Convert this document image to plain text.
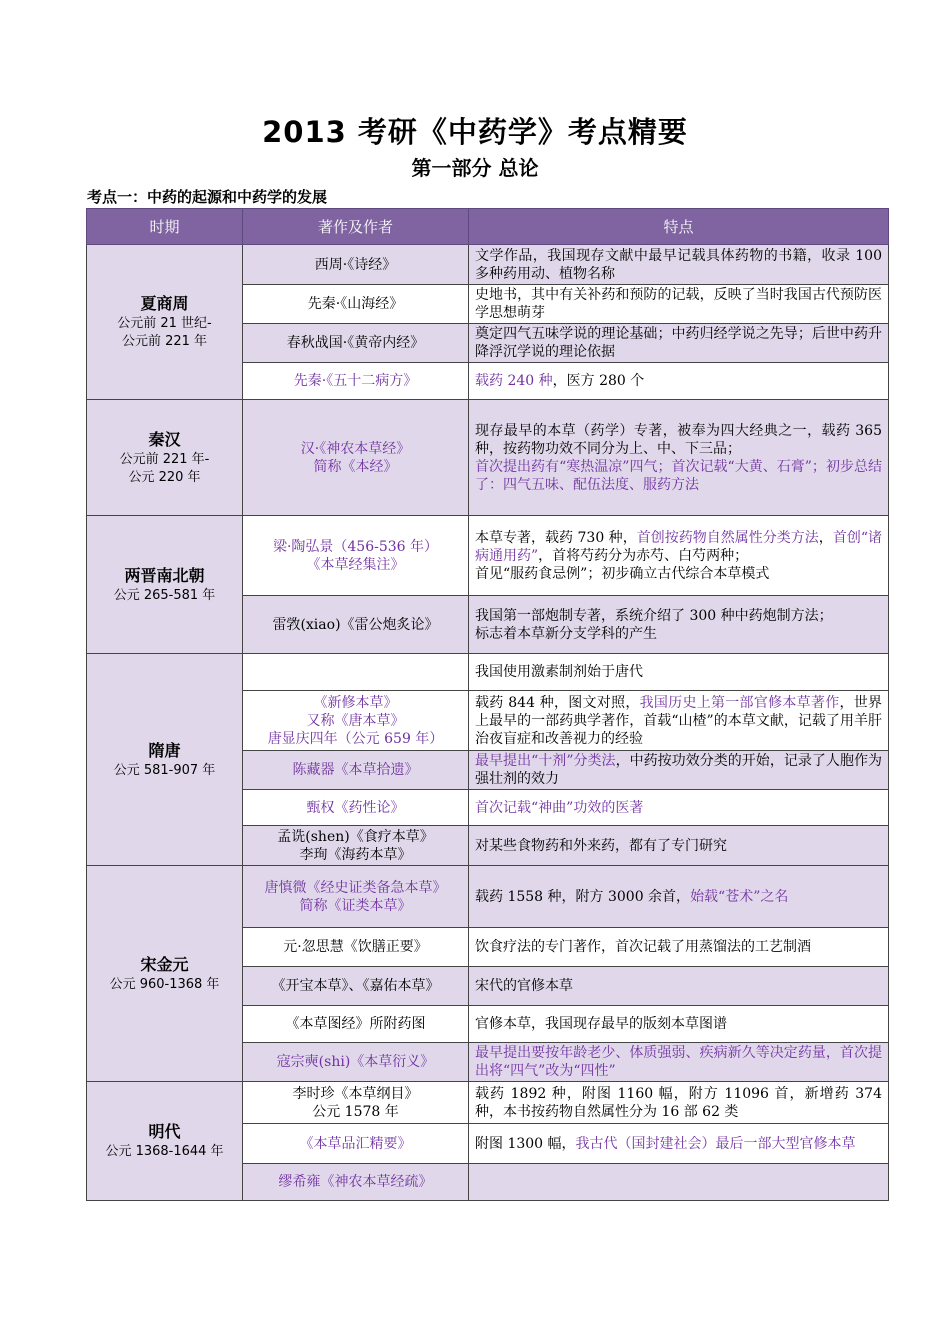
2013 考研《中药学》考点精要
第一部分 总论
考点一：中药的起源和中药学的发展
时期	著作及作者	特点

夏商周
公元前 21 世纪-
公元前 221 年	西周·《诗经》	文学作品，我国现存文献中最早记载具体药物的书籍，收录 100 多种药用动、植物名称
	先秦·《山海经》	史地书，其中有关补药和预防的记载，反映了当时我国古代预防医学思想萌芽
	春秋战国·《黄帝内经》	奠定四气五味学说的理论基础；中药归经学说之先导；后世中药升降浮沉学说的理论依据
	先秦·《五十二病方》	载药 240 种，医方 280 个

秦汉
公元前 221 年-
公元 220 年	汉·《神农本草经》
简称《本经》	现存最早的本草（药学）专著，被奉为四大经典之一，载药 365 种，按药物功效不同分为上、中、下三品；
首次提出药有“寒热温凉”四气；首次记载“大黄、石膏”；初步总结了：四气五味、配伍法度、服药方法

两晋南北朝
公元 265-581 年	梁·陶弘景（456-536 年）
《本草经集注》	本草专著，载药 730 种，首创按药物自然属性分类方法，首创“诸病通用药”，首将芍药分为赤芍、白芍两种；
首见“服药食忌例”；初步确立古代综合本草模式
	雷敩(xiao)《雷公炮炙论》	我国第一部炮制专著，系统介绍了 300 种中药炮制方法；
标志着本草新分支学科的产生

隋唐
公元 581-907 年		我国使用激素制剂始于唐代
	《新修本草》
又称《唐本草》
唐显庆四年（公元 659 年）	载药 844 种，图文对照，我国历史上第一部官修本草著作，世界上最早的一部药典学著作，首载“山楂”的本草文献，记载了用羊肝治夜盲症和改善视力的经验
	陈藏器《本草拾遗》	最早提出“十剂”分类法，中药按功效分类的开始，记录了人胞作为强壮剂的效力
	甄权《药性论》	首次记载“神曲”功效的医著
	孟诜(shen)《食疗本草》
李珣《海药本草》	对某些食物药和外来药，都有了专门研究

宋金元
公元 960-1368 年	唐慎微《经史证类备急本草》
简称《证类本草》	载药 1558 种，附方 3000 余首，始载“苍术”之名
	元·忽思慧《饮膳正要》	饮食疗法的专门著作，首次记载了用蒸馏法的工艺制酒
	《开宝本草》、《嘉佑本草》	宋代的官修本草
	《本草图经》所附药图	官修本草，我国现存最早的版刻本草图谱
	寇宗奭(shi)《本草衍义》	最早提出要按年龄老少、体质强弱、疾病新久等决定药量，首次提出将“四气”改为“四性”

明代
公元 1368-1644 年	李时珍《本草纲目》
公元 1578 年	载药 1892 种，附图 1160 幅，附方 11096 首，新增药 374 种，本书按药物自然属性分为 16 部 62 类
	《本草品汇精要》	附图 1300 幅，我古代（国封建社会）最后一部大型官修本草
	缪希雍《神农本草经疏》	
